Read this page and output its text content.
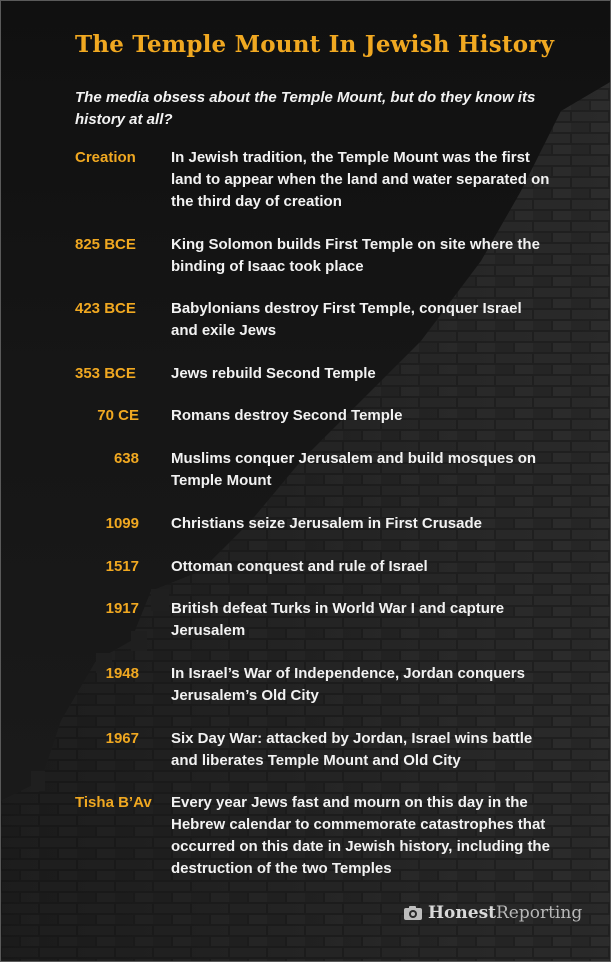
The Temple Mount In Jewish History

The media obsess about the Temple Mount, but do they know its history at all?

Creation In Jewish tradition, the Temple Mount was the first land to appear when the land and water separated on the third day of creation
825 BCE King Solomon builds First Temple on site where the binding of Isaac took place
423 BCE Babylonians destroy First Temple, conquer Israel and exile Jews
353 BCE Jews rebuild Second Temple
70 CE Romans destroy Second Temple
638 Muslims conquer Jerusalem and build mosques on Temple Mount
1099 Christians seize Jerusalem in First Crusade
1517 Ottoman conquest and rule of Israel
1917 British defeat Turks in World War I and capture Jerusalem
1948 In Israel’s War of Independence, Jordan conquers Jerusalem’s Old City
1967 Six Day War: attacked by Jordan, Israel wins battle and liberates Temple Mount and Old City
Tisha B’Av Every year Jews fast and mourn on this day in the Hebrew calendar to commemorate catastrophes that occurred on this date in Jewish history, including the destruction of the two Temples
Honest Reporting
